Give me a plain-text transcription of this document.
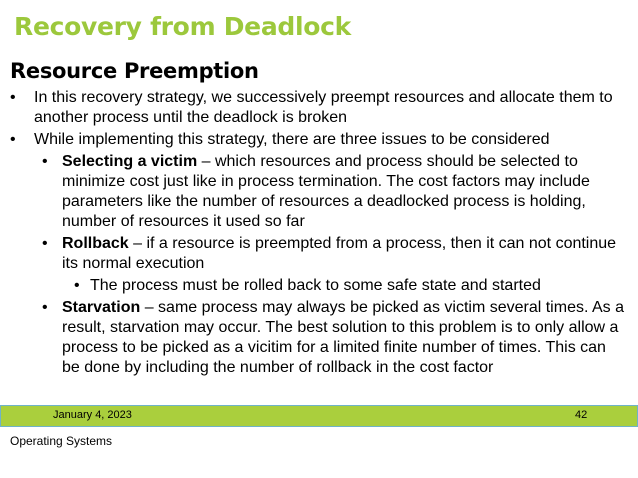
Recovery from Deadlock
Resource Preemption
• In this recovery strategy, we successively preempt resources and allocate them to another process until the deadlock is broken
• While implementing this strategy, there are three issues to be considered
• Selecting a victim – which resources and process should be selected to minimize cost just like in process termination. The cost factors may include parameters like the number of resources a deadlocked process is holding, number of resources it used so far
• Rollback – if a resource is preempted from a process, then it can not continue its normal execution
• The process must be rolled back to some safe state and started
• Starvation – same process may always be picked as victim several times. As a result, starvation may occur. The best solution to this problem is to only allow a process to be picked as a vicitim for a limited finite number of times. This can be done by including the number of rollback in the cost factor
January 4, 2023	42
Operating Systems
